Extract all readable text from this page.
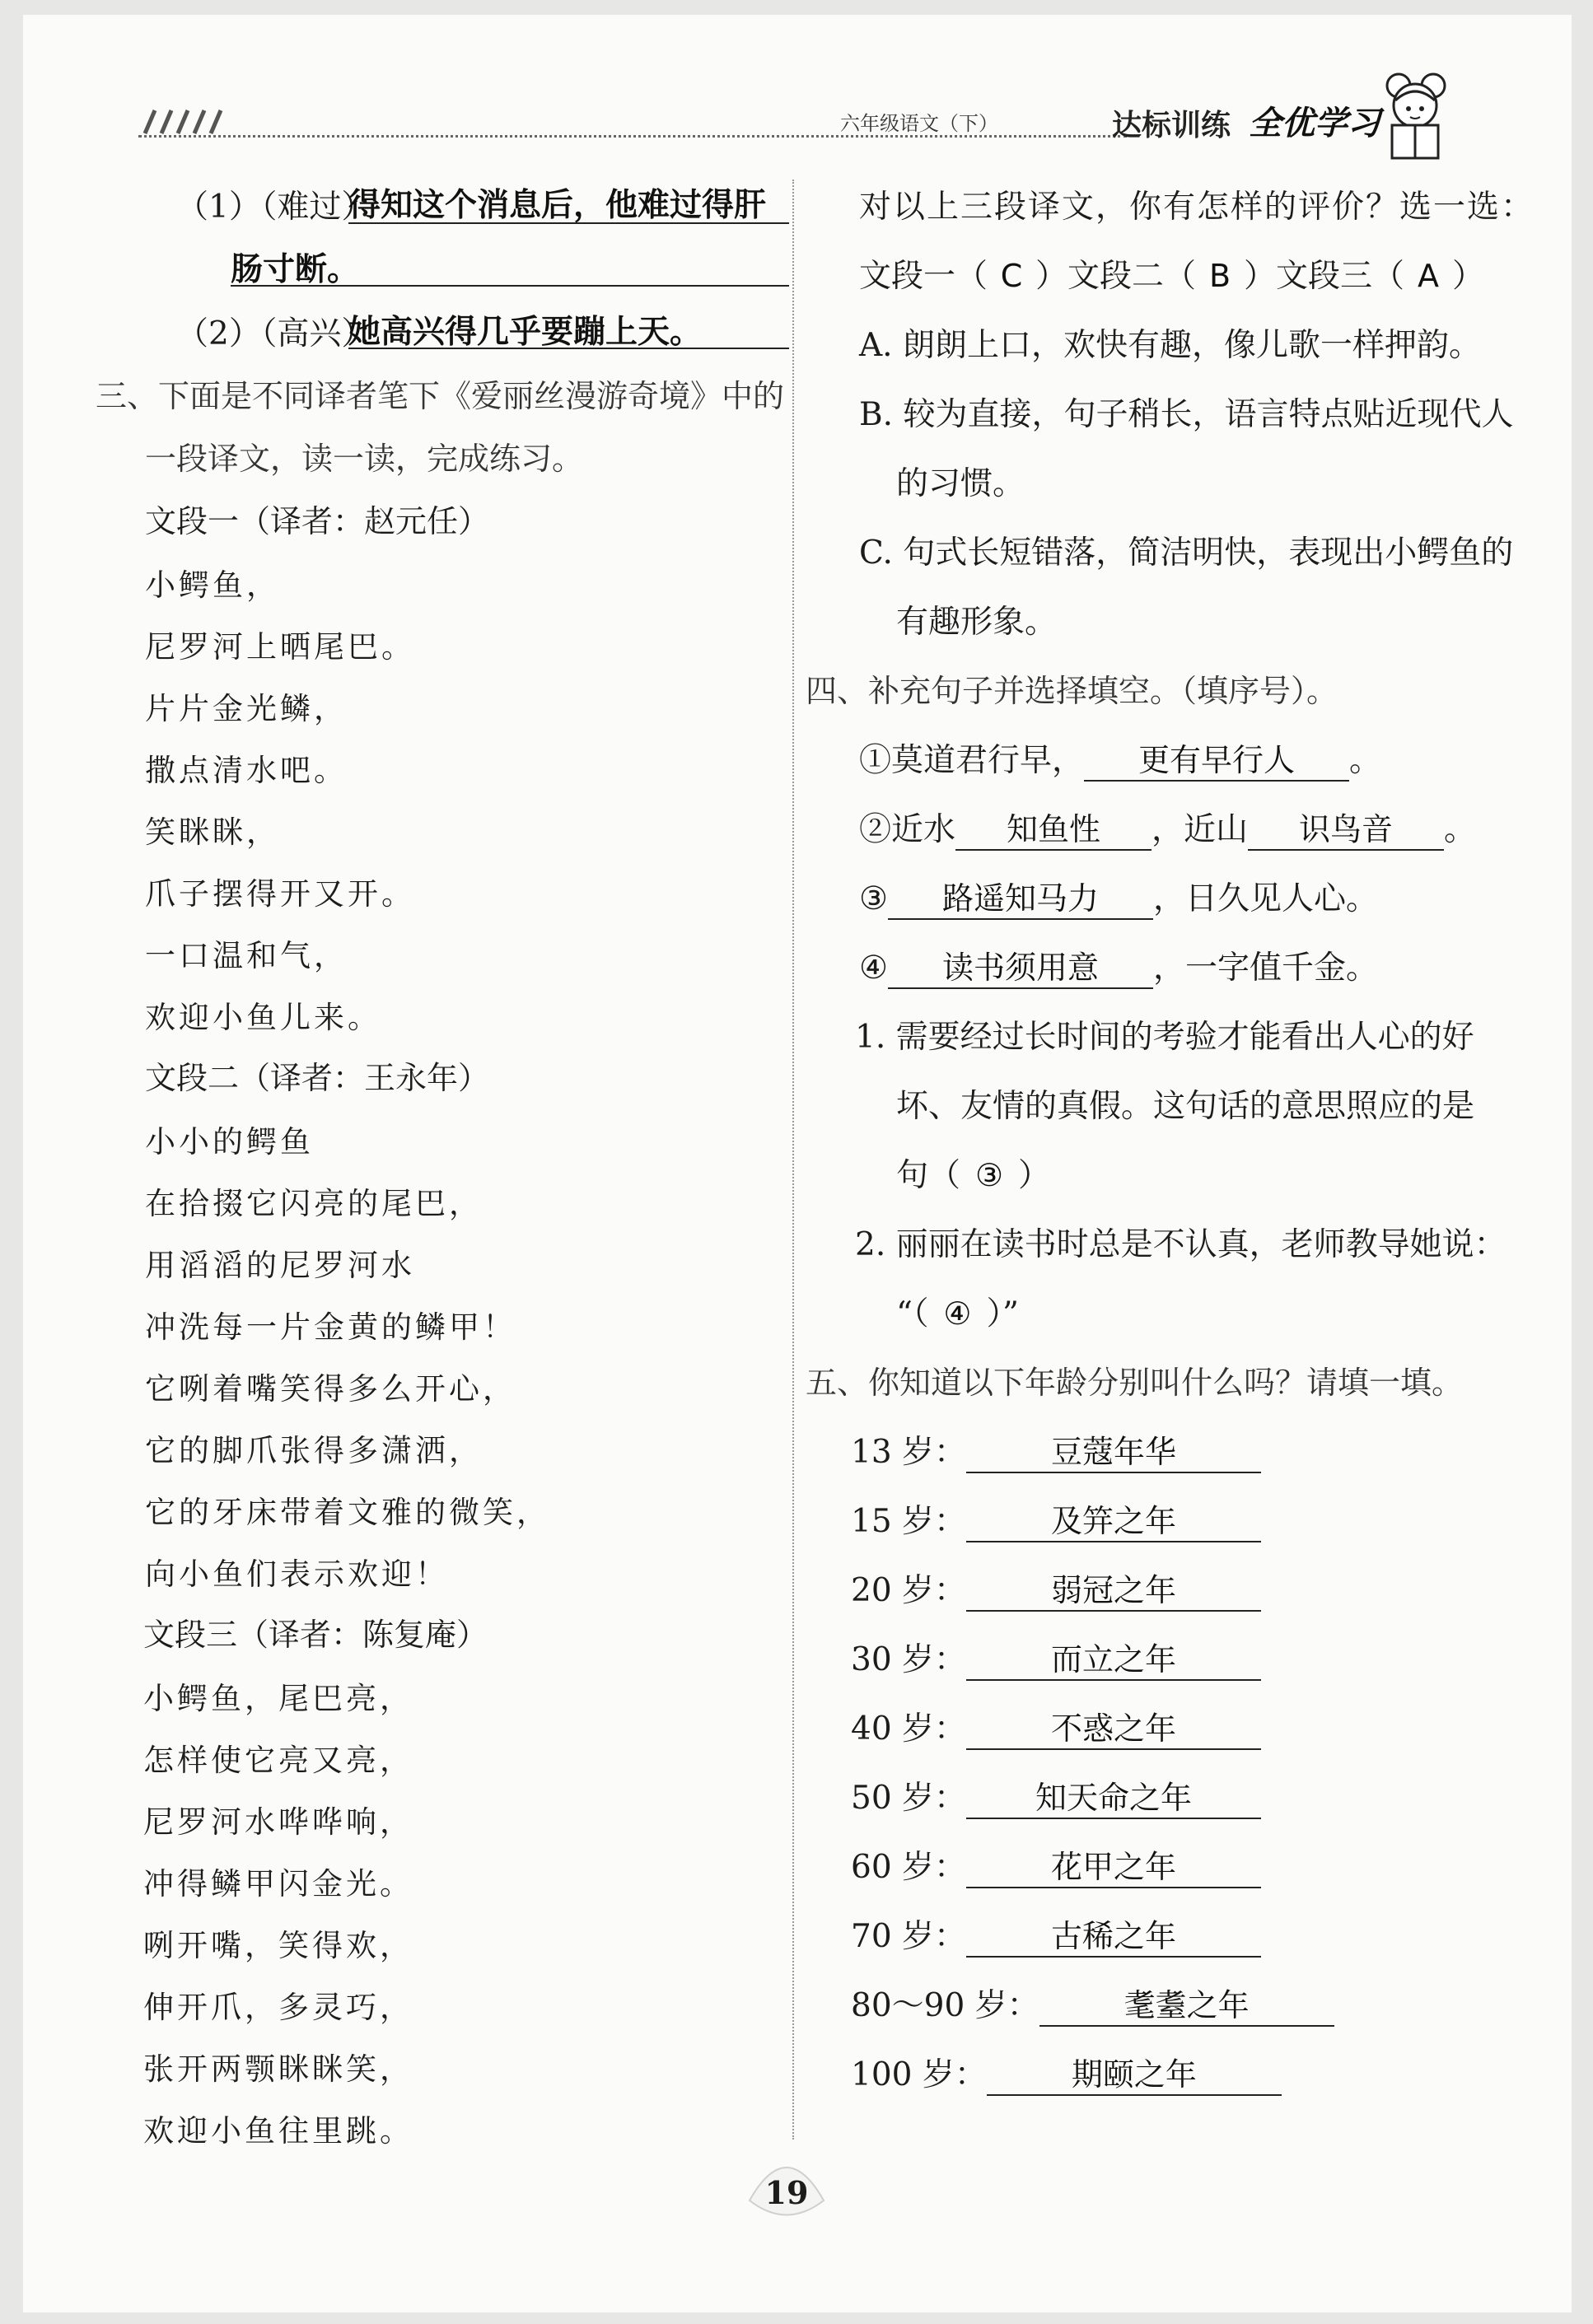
六年级语文（下）	达标训练 全优学习
（1）（难过）：
得知这个消息后，他难过得肝
肠寸断。
（2）（高兴）：
她高兴得几乎要蹦上天。
三、下面是不同译者笔下《爱丽丝漫游奇境》中的
一段译文，读一读，完成练习。
文段一（译者：赵元任）
小鳄鱼，
尼罗河上晒尾巴。
片片金光鳞，
撒点清水吧。
笑眯眯，
爪子摆得开又开。
一口温和气，
欢迎小鱼儿来。
文段二（译者：王永年）
小小的鳄鱼
在拾掇它闪亮的尾巴，
用滔滔的尼罗河水
冲洗每一片金黄的鳞甲！
它咧着嘴笑得多么开心，
它的脚爪张得多潇洒，
它的牙床带着文雅的微笑，
向小鱼们表示欢迎！
文段三（译者：陈复庵）
小鳄鱼，尾巴亮，
怎样使它亮又亮，
尼罗河水哗哗响，
冲得鳞甲闪金光。
咧开嘴，笑得欢，
伸开爪，多灵巧，
张开两颚眯眯笑，
欢迎小鱼往里跳。
对以上三段译文，你有怎样的评价？选一选：
文段一（ C ）文段二（ B ）文段三（ A ）
A. 朗朗上口，欢快有趣，像儿歌一样押韵。
B. 较为直接，句子稍长，语言特点贴近现代人
的习惯。
C. 句式长短错落，简洁明快，表现出小鳄鱼的
有趣形象。
四、补充句子并选择填空。（填序号）。
①莫道君行早， 更有早行人 。
②近水 知鱼性 ，近山 识鸟音 。
③ 路遥知马力 ，日久见人心。
④ 读书须用意 ，一字值千金。
1. 需要经过长时间的考验才能看出人心的好
坏、友情的真假。这句话的意思照应的是
句（ ③ ）
2. 丽丽在读书时总是不认真，老师教导她说：
“（ ④ ）”
五、你知道以下年龄分别叫什么吗？请填一填。
13 岁：	豆蔻年华
15 岁：	及笄之年
20 岁：	弱冠之年
30 岁：	而立之年
40 岁：	不惑之年
50 岁： 知天命之年
60 岁：	花甲之年
70 岁：	古稀之年
80～90 岁：	耄耋之年
100 岁：	期颐之年
19
